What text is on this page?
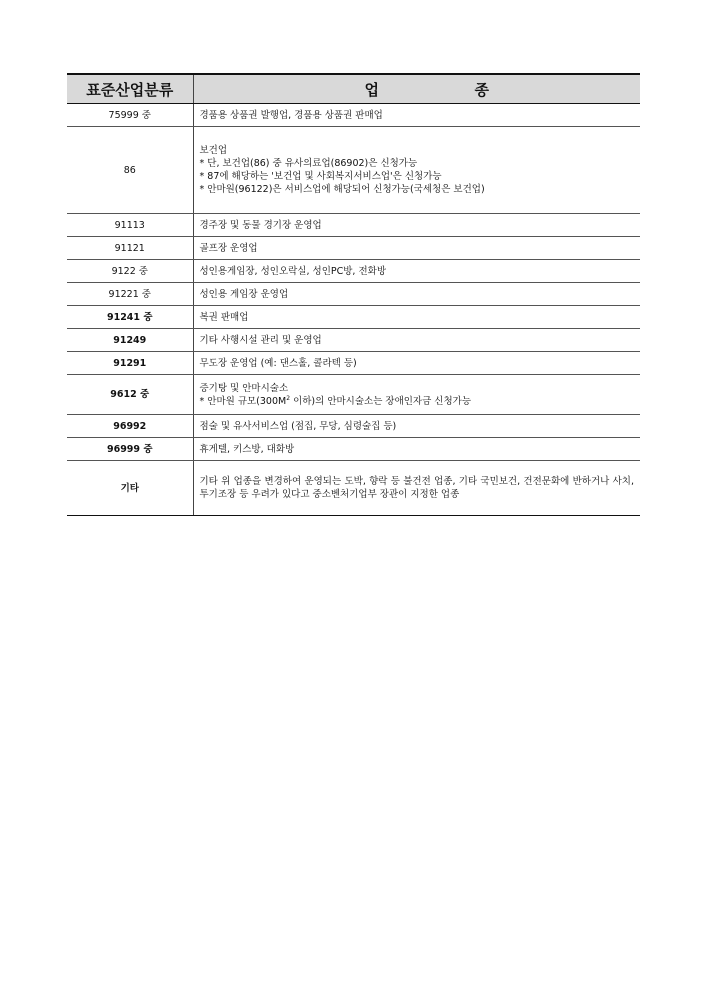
표준산업분류	업 종
75999 중	경품용 상품권 발행업, 경품용 상품권 판매업
86	보건업
* 단, 보건업(86) 중 유사의료업(86902)은 신청가능
* 87에 해당하는 '보건업 및 사회복지서비스업'은 신청가능
* 안마원(96122)은 서비스업에 해당되어 신청가능(국세청은 보건업)

91113	경주장 및 동물 경기장 운영업
91121	골프장 운영업
9122 중	성인용게임장, 성인오락실, 성인PC방, 전화방
91221 중	성인용 게임장 운영업
91241 중	복권 판매업
91249	기타 사행시설 관리 및 운영업
91291	무도장 운영업 (예: 댄스홀, 콜라텍 등)
9612 중	증기탕 및 안마시술소
* 안마원 규모($300M^2$ 이하)의 안마시술소는 장애인자금 신청가능

96992	점술 및 유사서비스업 (점집, 무당, 심령술집 등)
96999 중	휴게텔, 키스방, 대화방
기타	기타 위 업종을 변경하여 운영되는 도박, 향락 등 불건전 업종, 기타 국민보건, 건전문화에 반하거나 사치, 투기조장 등 우려가 있다고 중소벤처기업부 장관이 지정한 업종
